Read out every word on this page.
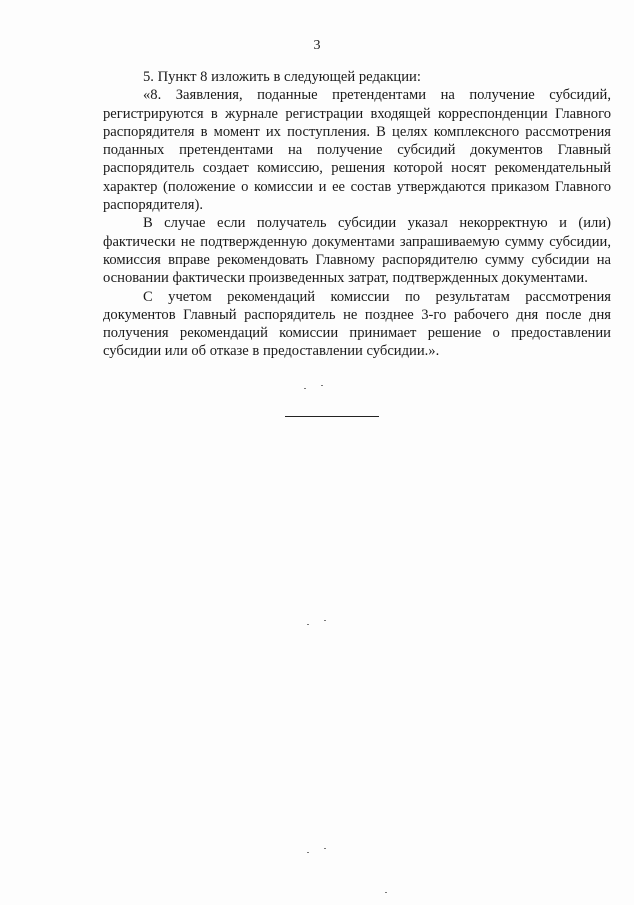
3

5. Пункт 8 изложить в следующей редакции:

«8. Заявления, поданные претендентами на получение субсидий, регистрируются в журнале регистрации входящей корреспонденции Главного распорядителя в момент их поступления. В целях комплексного рассмотрения поданных претендентами на получение субсидий документов Главный распорядитель создает комиссию, решения которой носят рекомендательный характер (положение о комиссии и ее состав утверждаются приказом Главного распорядителя).

В случае если получатель субсидии указал некорректную и (или) фактически не подтвержденную документами запрашиваемую сумму субсидии, комиссия вправе рекомендовать Главному распорядителю сумму субсидии на основании фактически произведенных затрат, подтвержденных документами.

С учетом рекомендаций комиссии по результатам рассмотрения документов Главный распорядитель не позднее 3-го рабочего дня после дня получения рекомендаций комиссии принимает решение о предоставлении субсидии или об отказе в предоставлении субсидии.».
